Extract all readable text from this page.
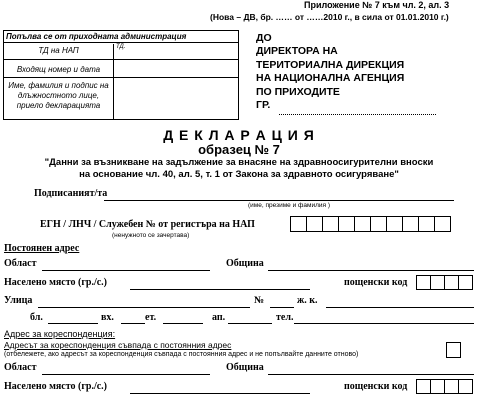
Приложение № 7 към чл. 2, ал. 3
(Нова – ДВ, бр. …… от ……2010 г., в сила от 01.01.2010 г.)
Попълва се от приходната администрация
ТД на НАП	ТД.
Входящ номер и дата
Име, фамилия и подпис на длъжностното лице, приело декларацията
ДО
ДИРЕКТОРА НА
ТЕРИТОРИАЛНА ДИРЕКЦИЯ
НА НАЦИОНАЛНА АГЕНЦИЯ
ПО ПРИХОДИТЕ
ГР.
Д Е К Л А Р А Ц И Я
образец № 7
"Данни за възникване на задължение за внасяне на здравноосигурителни вноски
на основание чл. 40, ал. 5, т. 1 от Закона за здравното осигуряване"
Подписаният/та
(име, презиме и фамилия )
ЕГН / ЛНЧ / Служебен № от регистъра на НАП
(ненужното се зачертава)
Постоянен адрес
Област	Община
Населено място (гр./с.)	пощенски код
Улица	№	ж. к.
бл.	вх.	ет.	ап.	тел.
Адрес за кореспонденция:
Адресът за кореспонденция съвпада с постоянния адрес
(отбележете, ако адресът за кореспонденция съвпада с постоянния адрес и не попълвайте данните отново)
Област	Община
Населено място (гр./с.)	пощенски код
